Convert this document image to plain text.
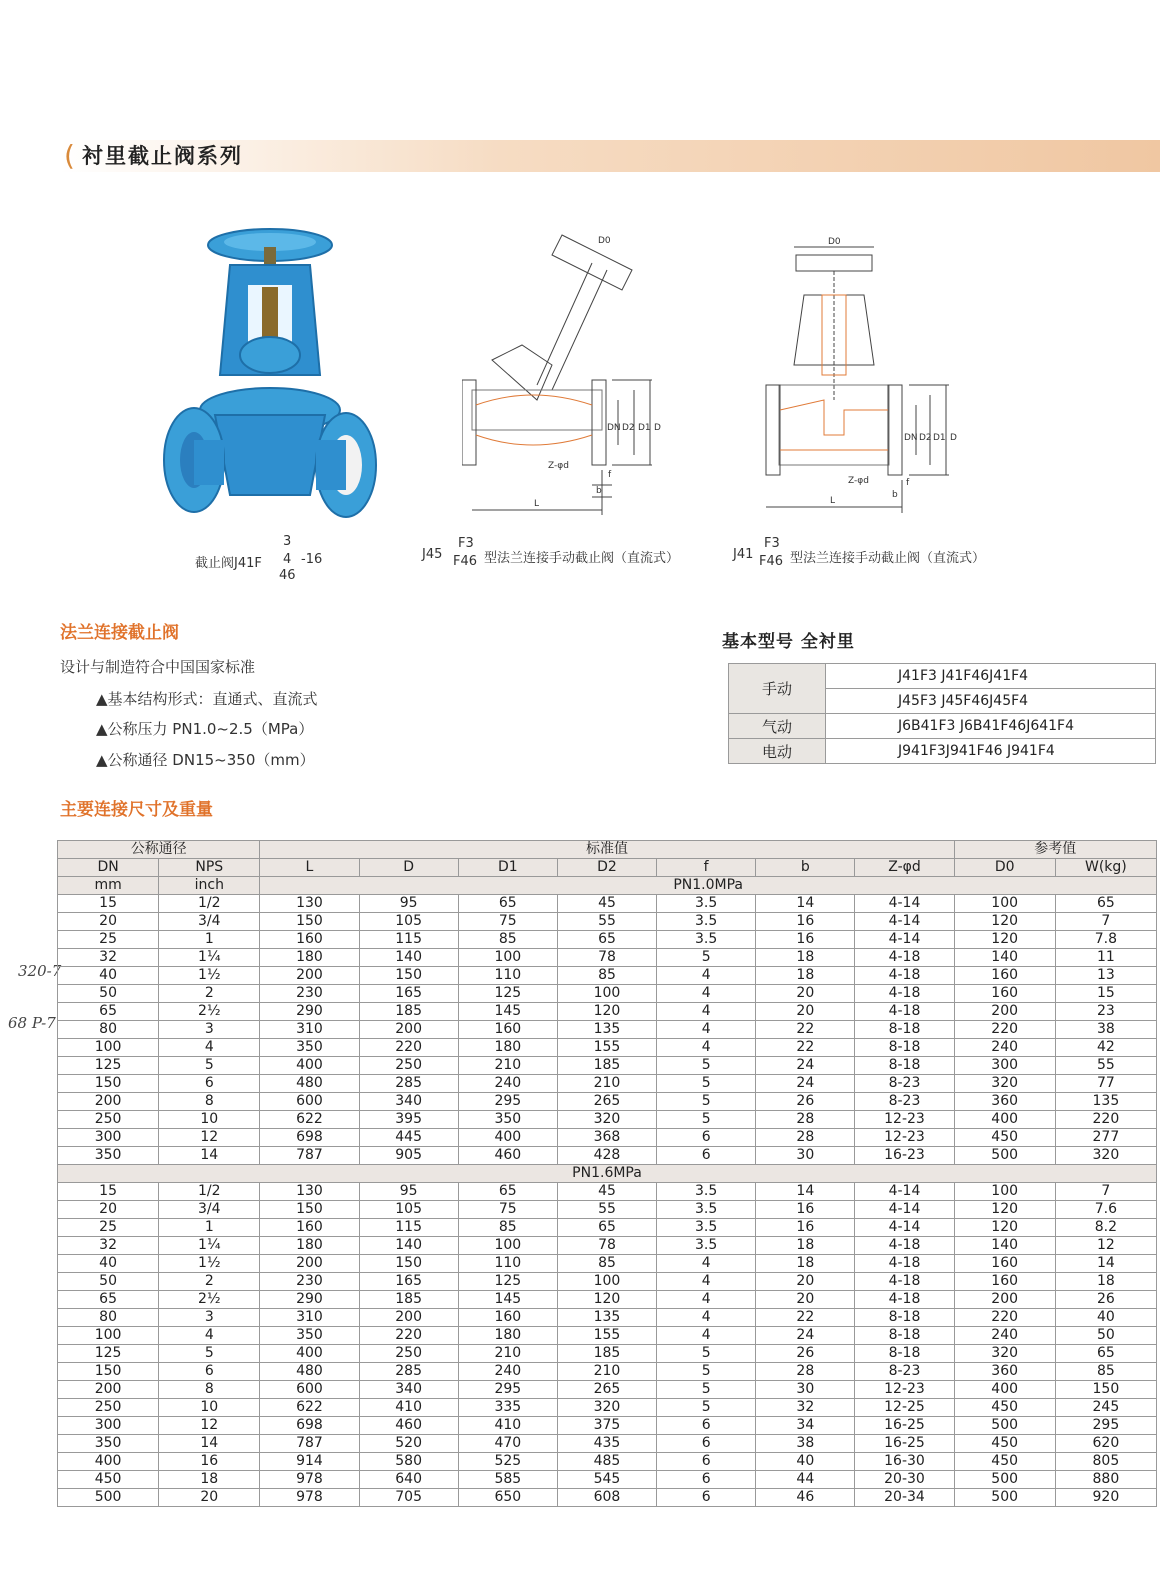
( 衬里截止阀系列
3
截止阀J41F 4 -16
46
D0
DN D2 D1 D
Z-φd
f
b
L
D0
DN D2 D1 D
Z-φd	f
b
L
J45
F3
F46 型法兰连接手动截止阀（直流式）	J41
F3
F46 型法兰连接手动截止阀（直流式）
法兰连接截止阀
设计与制造符合中国国家标准
▲基本结构形式：直通式、直流式
▲公称压力 PN1.0~2.5（MPa）
▲公称通径 DN15~350（mm）
基本型号 全衬里
手动	J41F3 J41F46J41F4
	J45F3 J45F46J45F4
气动	J6B41F3 J6B41F46J641F4
电动	J941F3J941F46 J941F4
主要连接尺寸及重量
320-7
68 P-7
公称通径		标准值							参考值	
DN	NPS	L	D	D1	D2	f	b	Z-φd	D0	W(kg)
mm	inch	PN1.0MPa								
15	1/2	130	95	65	45	3.5	14	4-14	100	65
20	3/4	150	105	75	55	3.5	16	4-14	120	7
25	1	160	115	85	65	3.5	16	4-14	120	7.8
32	1¼	180	140	100	78	5	18	4-18	140	11
40	1½	200	150	110	85	4	18	4-18	160	13
50	2	230	165	125	100	4	20	4-18	160	15
65	2½	290	185	145	120	4	20	4-18	200	23
80	3	310	200	160	135	4	22	8-18	220	38
100	4	350	220	180	155	4	22	8-18	240	42
125	5	400	250	210	185	5	24	8-18	300	55
150	6	480	285	240	210	5	24	8-23	320	77
200	8	600	340	295	265	5	26	8-23	360	135
250	10	622	395	350	320	5	28	12-23	400	220
300	12	698	445	400	368	6	28	12-23	450	277
350	14	787	905	460	428	6	30	16-23	500	320
PN1.6MPa										
15	1/2	130	95	65	45	3.5	14	4-14	100	7
20	3/4	150	105	75	55	3.5	16	4-14	120	7.6
25	1	160	115	85	65	3.5	16	4-14	120	8.2
32	1¼	180	140	100	78	3.5	18	4-18	140	12
40	1½	200	150	110	85	4	18	4-18	160	14
50	2	230	165	125	100	4	20	4-18	160	18
65	2½	290	185	145	120	4	20	4-18	200	26
80	3	310	200	160	135	4	22	8-18	220	40
100	4	350	220	180	155	4	24	8-18	240	50
125	5	400	250	210	185	5	26	8-18	320	65
150	6	480	285	240	210	5	28	8-23	360	85
200	8	600	340	295	265	5	30	12-23	400	150
250	10	622	410	335	320	5	32	12-25	450	245
300	12	698	460	410	375	6	34	16-25	500	295
350	14	787	520	470	435	6	38	16-25	450	620
400	16	914	580	525	485	6	40	16-30	450	805
450	18	978	640	585	545	6	44	20-30	500	880
500	20	978	705	650	608	6	46	20-34	500	920
